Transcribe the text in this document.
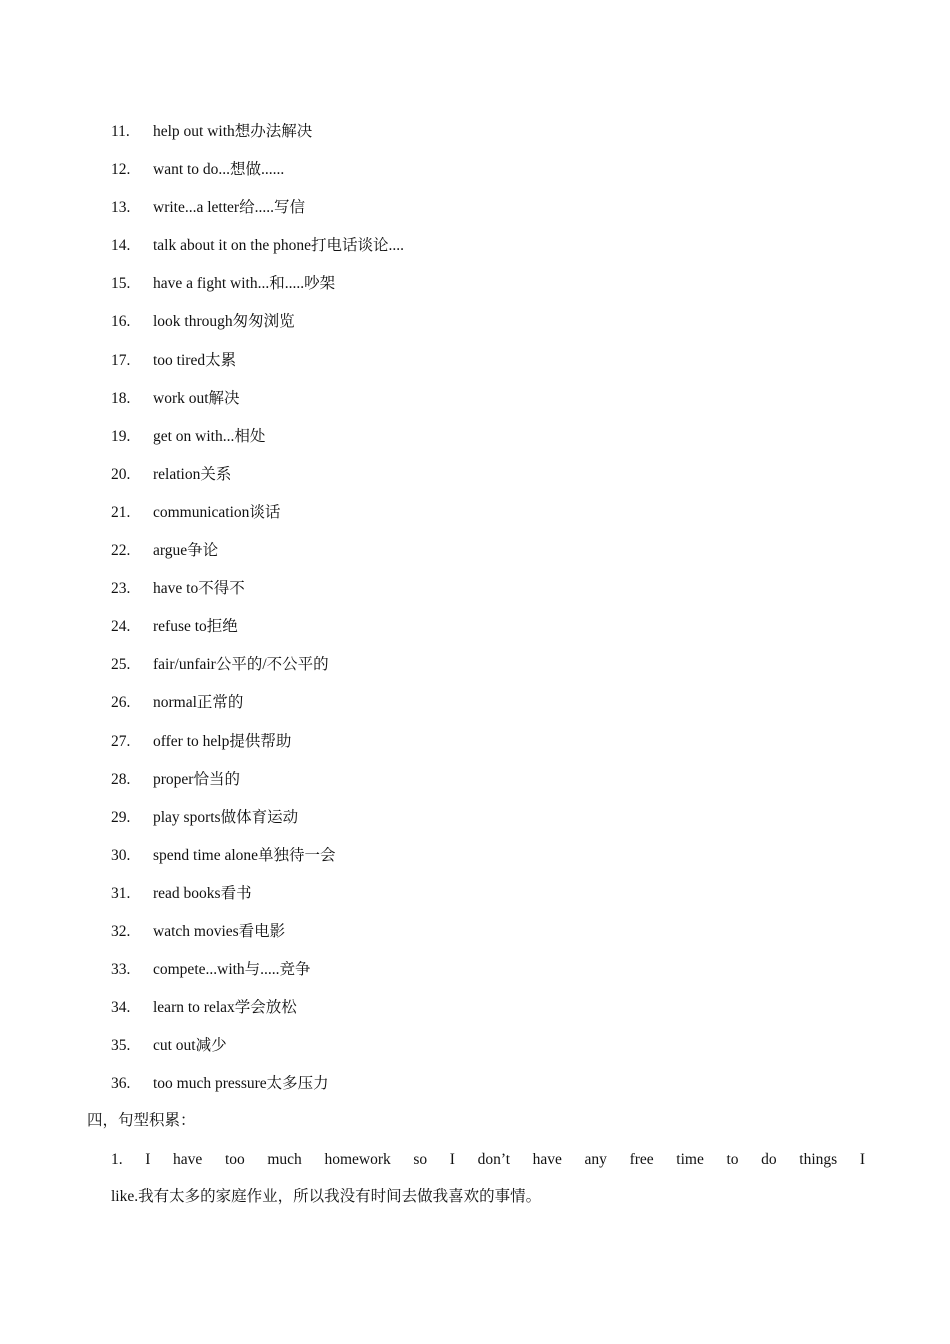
11. help out with想办法解决
12. want to do...想做......
13. write...a letter给.....写信
14. talk about it on the phone打电话谈论....
15. have a fight with...和.....吵架
16. look through匆匆浏览
17. too tired太累
18. work out解决
19. get on with...相处
20. relation关系
21. communication谈话
22. argue争论
23. have to不得不
24. refuse to拒绝
25. fair/unfair公平的/不公平的
26. normal正常的
27. offer to help提供帮助
28. proper恰当的
29. play sports做体育运动
30. spend time alone单独待一会
31. read books看书
32. watch movies看电影
33. compete...with与.....竞争
34. learn to relax学会放松
35. cut out减少
36. too much pressure太多压力
四，句型积累：
1. I have too much homework so I don’t have any free time to do things I
like.我有太多的家庭作业，所以我没有时间去做我喜欢的事情。
